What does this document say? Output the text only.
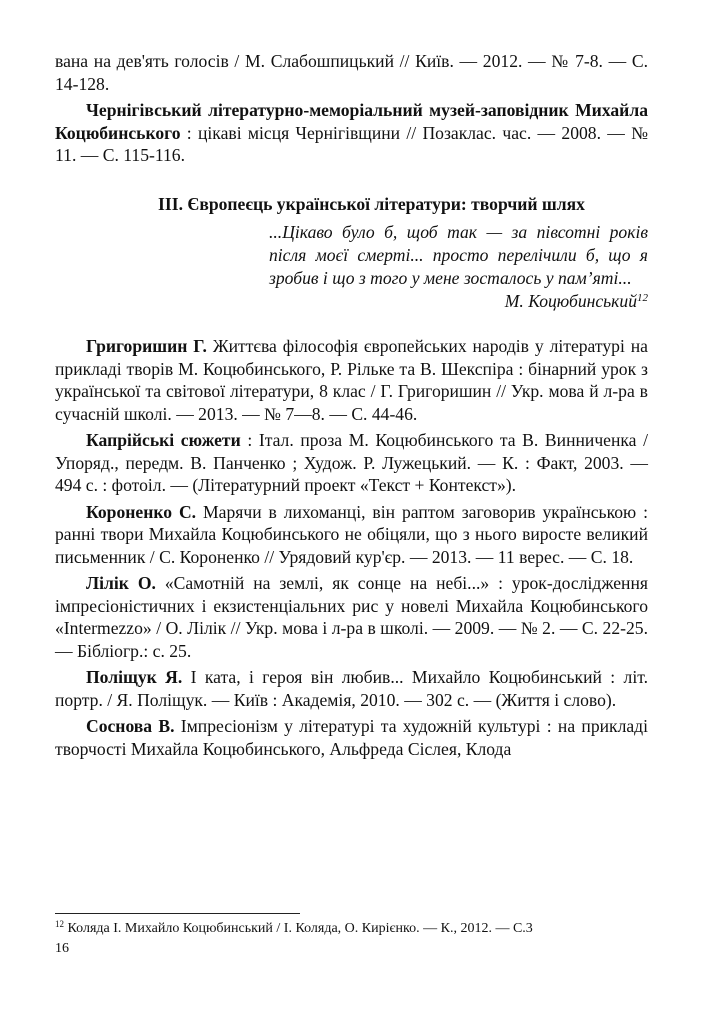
вана на дев'ять голосів / М. Слабошпицький // Київ. — 2012. — № 7-8. — С. 14-128.

Чернігівський літературно-меморіальний музей-заповідник Михайла Коцюбинського : цікаві місця Чернігівщини // Позаклас. час. — 2008. — № 11. — С. 115-116.

ІІІ. Європеєць української літератури: творчий шлях
...Цікаво було б, щоб так — за півсотні років після моєї смерті... просто перелічили б, що я зробив і що з того у мене зосталось у пам’яті...
М. Коцюбинський$^{12}$

Григоришин Г. Життєва філософія європейських народів у літературі на прикладі творів М. Коцюбинського, Р. Рільке та В. Шекспіра : бінарний урок з української та світової літератури, 8 клас / Г. Григоришин // Укр. мова й л-ра в сучасній школі. — 2013. — № 7—8. — С. 44-46.

Капрійські сюжети : Італ. проза М. Коцюбинського та В. Винниченка / Упоряд., передм. В. Панченко ; Худож. Р. Лужецький. — К. : Факт, 2003. — 494 с. : фотоіл. — (Літературний проект «Текст + Контекст»).

Короненко С. Марячи в лихоманці, він раптом заговорив українською : ранні твори Михайла Коцюбинського не обіцяли, що з нього виросте великий письменник / С. Короненко // Урядовий кур'єр. — 2013. — 11 верес. — С. 18.

Лілік О. «Самотній на землі, як сонце на небі...» : урок-дослідження імпресіоністичних і екзистенціальних рис у новелі Михайла Коцюбинського «Intermezzo» / О. Лілік // Укр. мова і л-ра в школі. — 2009. — № 2. — С. 22-25. — Бібліогр.: с. 25.

Поліщук Я. І ката, і героя він любив... Михайло Коцюбинський : літ. портр. / Я. Поліщук. — Київ : Академія, 2010. — 302 с. — (Життя і слово).

Соснова В. Імпресіонізм у літературі та художній культурі : на прикладі творчості Михайла Коцюбинського, Альфреда Сіслея, Клода

$^{12}$ Коляда І. Михайло Коцюбинський / І. Коляда, О. Кирієнко. — К., 2012. — С.3
16
